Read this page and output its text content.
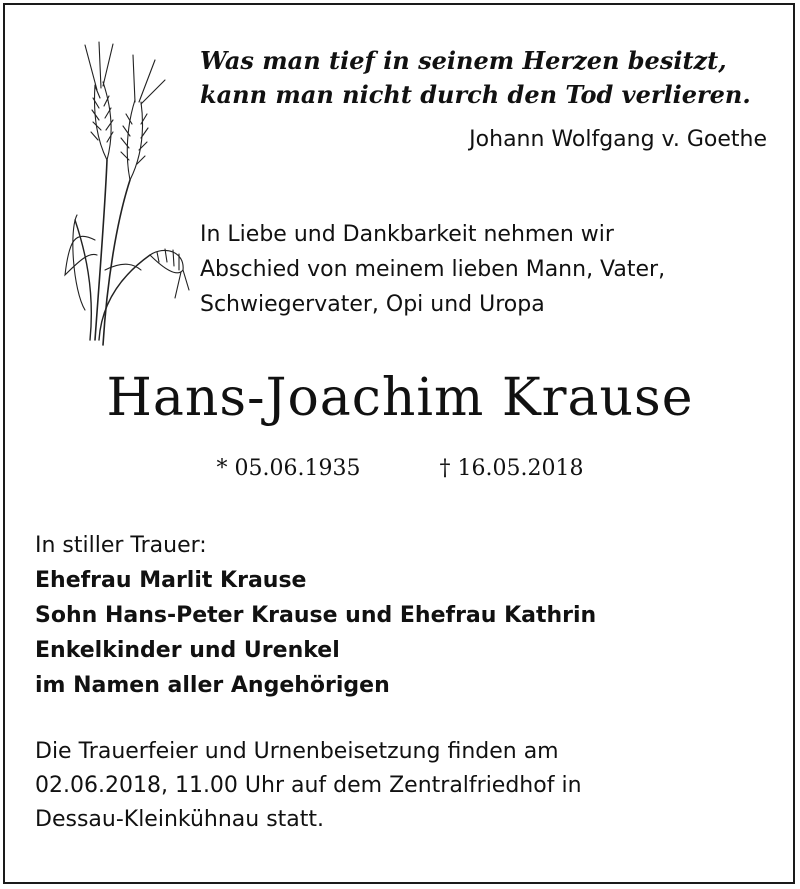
Was man tief in seinem Herzen besitzt,
kann man nicht durch den Tod verlieren.
Johann Wolfgang v. Goethe
In Liebe und Dankbarkeit nehmen wir
Abschied von meinem lieben Mann, Vater,
Schwiegervater, Opi und Uropa
Hans-Joachim Krause
* 05.06.1935	† 16.05.2018
In stiller Trauer:
Ehefrau Marlit Krause
Sohn Hans-Peter Krause und Ehefrau Kathrin
Enkelkinder und Urenkel
im Namen aller Angehörigen
Die Trauerfeier und Urnenbeisetzung finden am
02.06.2018, 11.00 Uhr auf dem Zentralfriedhof in
Dessau-Kleinkühnau statt.
